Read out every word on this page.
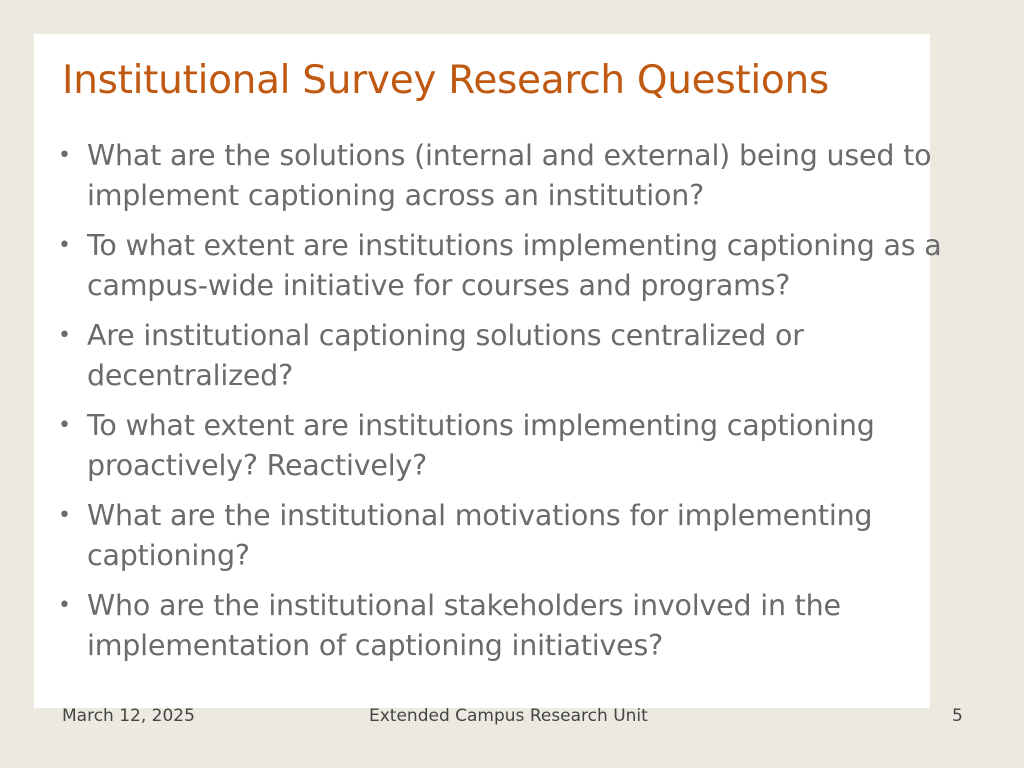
Institutional Survey Research Questions
• What are the solutions (internal and external) being used to implement captioning across an institution?
• To what extent are institutions implementing captioning as a campus-wide initiative for courses and programs?
• Are institutional captioning solutions centralized or decentralized?
• To what extent are institutions implementing captioning proactively? Reactively?
• What are the institutional motivations for implementing captioning?
• Who are the institutional stakeholders involved in the implementation of captioning initiatives?
March 12, 2025	Extended Campus Research Unit	5
